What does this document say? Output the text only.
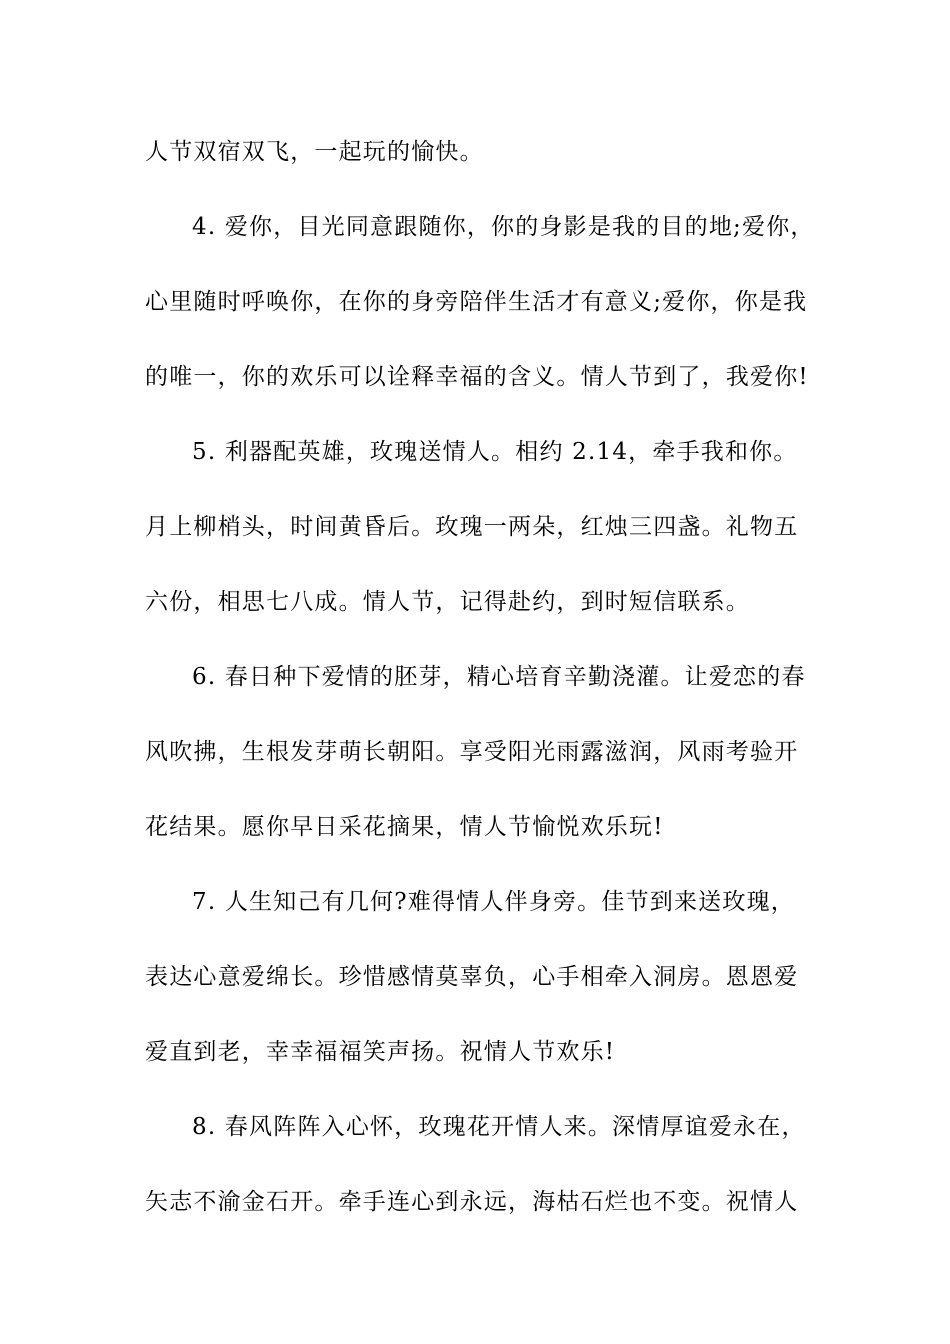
人节双宿双飞，一起玩的愉快。
4. 爱你，目光同意跟随你，你的身影是我的目的地;爱你，
心里随时呼唤你，在你的身旁陪伴生活才有意义;爱你，你是我
的唯一，你的欢乐可以诠释幸福的含义。情人节到了，我爱你!
5. 利器配英雄，玫瑰送情人。相约 2.14，牵手我和你。
月上柳梢头，时间黄昏后。玫瑰一两朵，红烛三四盏。礼物五
六份，相思七八成。情人节，记得赴约，到时短信联系。
6. 春日种下爱情的胚芽，精心培育辛勤浇灌。让爱恋的春
风吹拂，生根发芽萌长朝阳。享受阳光雨露滋润，风雨考验开
花结果。愿你早日采花摘果，情人节愉悦欢乐玩!
7. 人生知己有几何?难得情人伴身旁。佳节到来送玫瑰，
表达心意爱绵长。珍惜感情莫辜负，心手相牵入洞房。恩恩爱
爱直到老，幸幸福福笑声扬。祝情人节欢乐!
8. 春风阵阵入心怀，玫瑰花开情人来。深情厚谊爱永在，
矢志不渝金石开。牵手连心到永远，海枯石烂也不变。祝情人
